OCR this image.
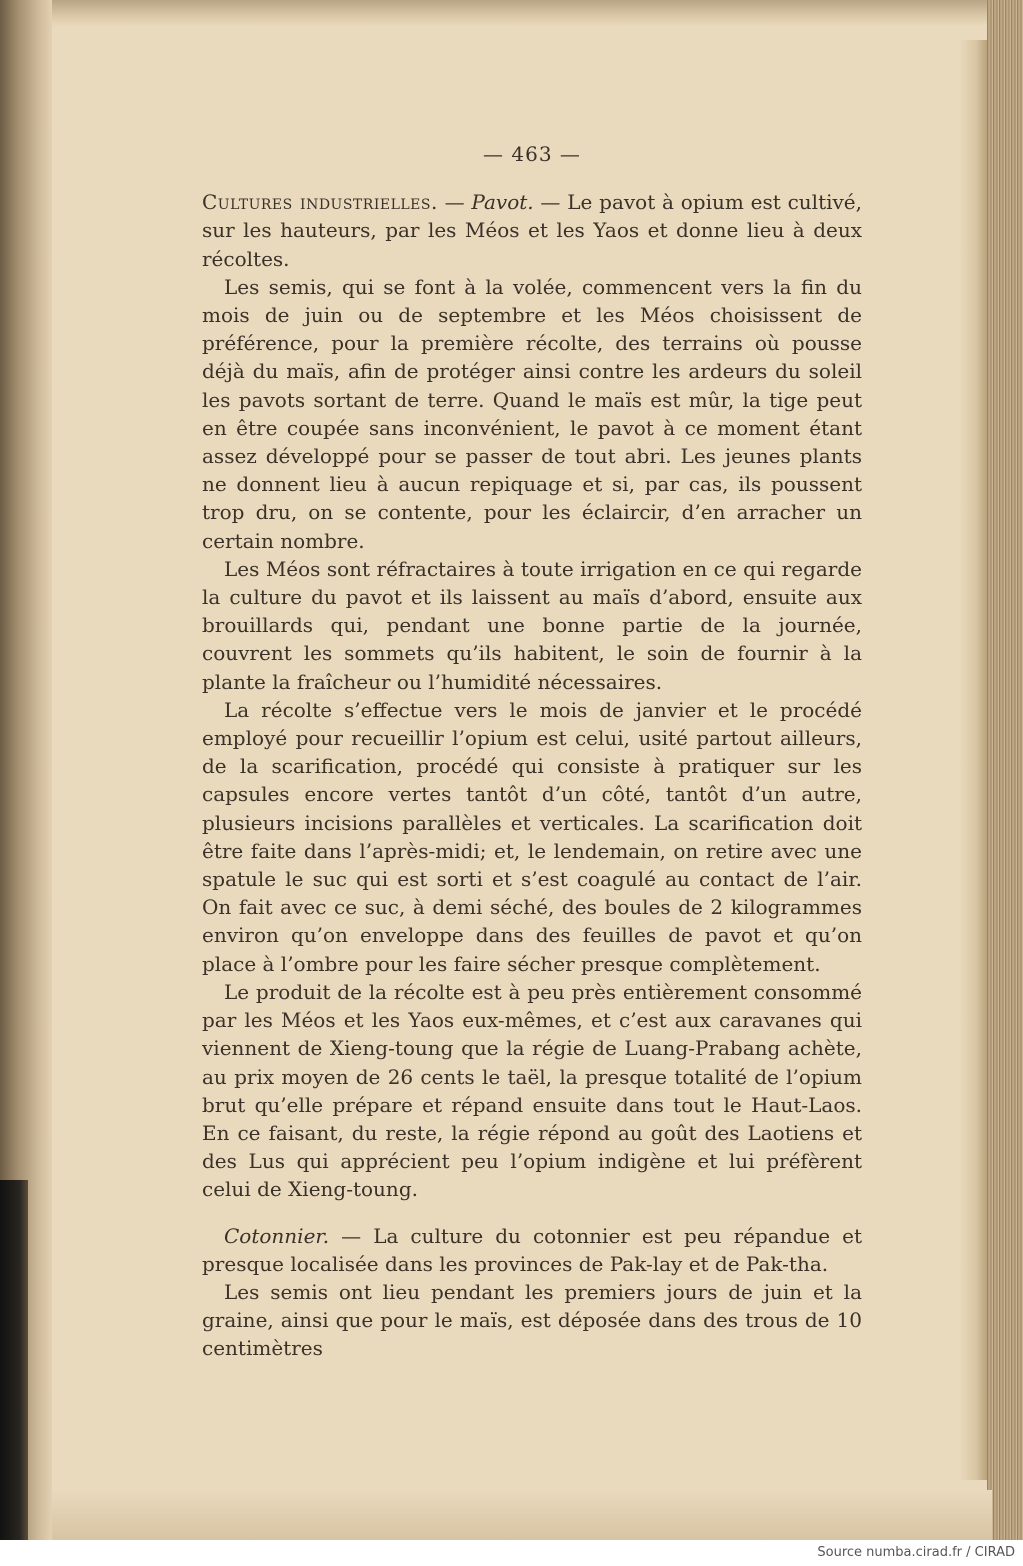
— 463 —

Cultures industrielles. — Pavot. — Le pavot à opium est cultivé, sur les hauteurs, par les Méos et les Yaos et donne lieu à deux récoltes.

Les semis, qui se font à la volée, commencent vers la fin du mois de juin ou de septembre et les Méos choisissent de préférence, pour la première récolte, des terrains où pousse déjà du maïs, afin de protéger ainsi contre les ardeurs du soleil les pavots sortant de terre. Quand le maïs est mûr, la tige peut en être coupée sans inconvénient, le pavot à ce moment étant assez développé pour se passer de tout abri. Les jeunes plants ne donnent lieu à aucun repiquage et si, par cas, ils poussent trop dru, on se contente, pour les éclaircir, d’en arracher un certain nombre.

Les Méos sont réfractaires à toute irrigation en ce qui regarde la culture du pavot et ils laissent au maïs d’abord, ensuite aux brouillards qui, pendant une bonne partie de la journée, couvrent les sommets qu’ils habitent, le soin de fournir à la plante la fraîcheur ou l’humidité nécessaires.

La récolte s’effectue vers le mois de janvier et le procédé employé pour recueillir l’opium est celui, usité partout ailleurs, de la scarification, procédé qui consiste à pratiquer sur les capsules encore vertes tantôt d’un côté, tantôt d’un autre, plusieurs incisions parallèles et verticales. La scarification doit être faite dans l’après-midi; et, le lendemain, on retire avec une spatule le suc qui est sorti et s’est coagulé au contact de l’air. On fait avec ce suc, à demi séché, des boules de 2 kilogrammes environ qu’on enveloppe dans des feuilles de pavot et qu’on place à l’ombre pour les faire sécher presque complètement.

Le produit de la récolte est à peu près entièrement consommé par les Méos et les Yaos eux-mêmes, et c’est aux caravanes qui viennent de Xieng-toung que la régie de Luang-Prabang achète, au prix moyen de 26 cents le taël, la presque totalité de l’opium brut qu’elle prépare et répand ensuite dans tout le Haut-Laos. En ce faisant, du reste, la régie répond au goût des Laotiens et des Lus qui apprécient peu l’opium indigène et lui préfèrent celui de Xieng-toung.

Cotonnier. — La culture du cotonnier est peu répandue et presque localisée dans les provinces de Pak-lay et de Pak-tha.

Les semis ont lieu pendant les premiers jours de juin et la graine, ainsi que pour le maïs, est déposée dans des trous de 10 centimètres

Source numba.cirad.fr / CIRAD
